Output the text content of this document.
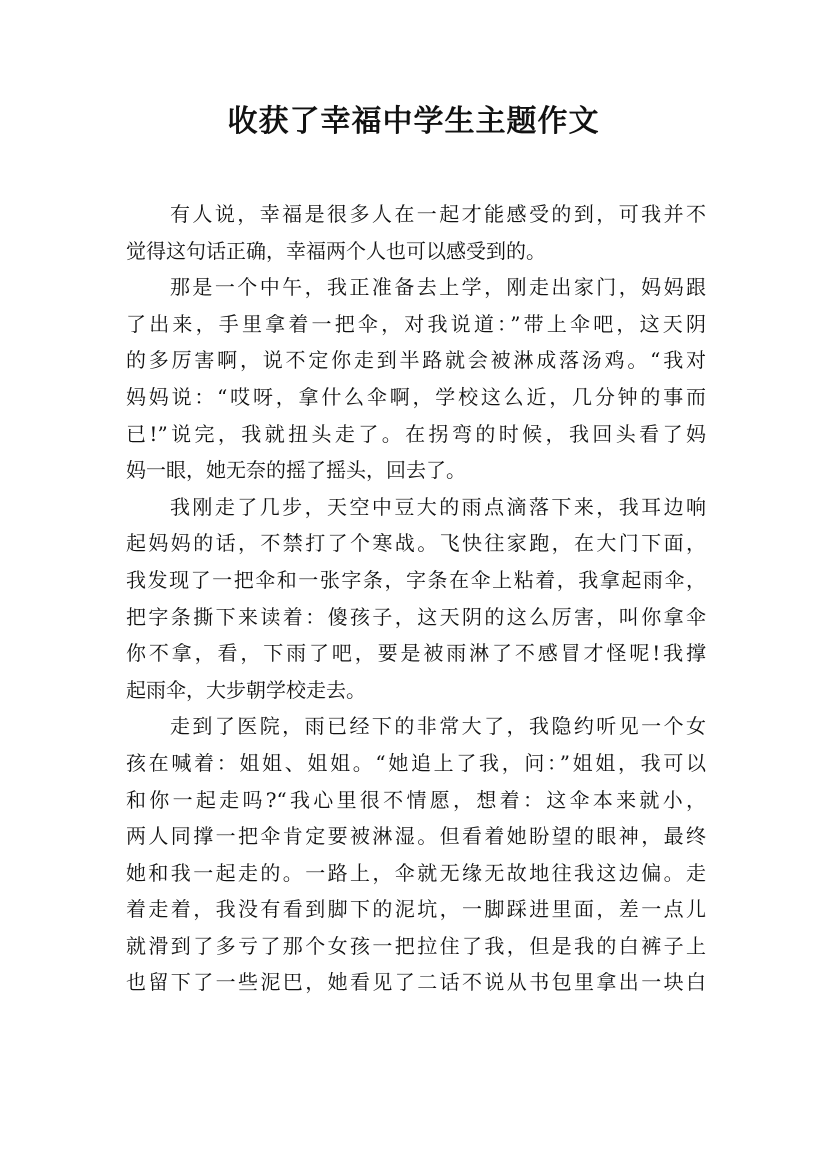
收获了幸福中学生主题作文
有人说，幸福是很多人在一起才能感受的到，可我并不
觉得这句话正确，幸福两个人也可以感受到的。
那是一个中午，我正准备去上学，刚走出家门，妈妈跟
了出来，手里拿着一把伞，对我说道：”带上伞吧，这天阴
的多厉害啊，说不定你走到半路就会被淋成落汤鸡。“我对
妈妈说：“哎呀，拿什么伞啊，学校这么近，几分钟的事而
已!”说完，我就扭头走了。在拐弯的时候，我回头看了妈
妈一眼，她无奈的摇了摇头，回去了。
我刚走了几步，天空中豆大的雨点滴落下来，我耳边响
起妈妈的话，不禁打了个寒战。飞快往家跑，在大门下面，
我发现了一把伞和一张字条，字条在伞上粘着，我拿起雨伞，
把字条撕下来读着：傻孩子，这天阴的这么厉害，叫你拿伞
你不拿，看，下雨了吧，要是被雨淋了不感冒才怪呢!我撑
起雨伞，大步朝学校走去。
走到了医院，雨已经下的非常大了，我隐约听见一个女
孩在喊着：姐姐、姐姐。“她追上了我，问：”姐姐，我可以
和你一起走吗?“我心里很不情愿，想着：这伞本来就小，
两人同撑一把伞肯定要被淋湿。但看着她盼望的眼神，最终
她和我一起走的。一路上，伞就无缘无故地往我这边偏。走
着走着，我没有看到脚下的泥坑，一脚踩进里面，差一点儿
就滑到了多亏了那个女孩一把拉住了我，但是我的白裤子上
也留下了一些泥巴，她看见了二话不说从书包里拿出一块白
